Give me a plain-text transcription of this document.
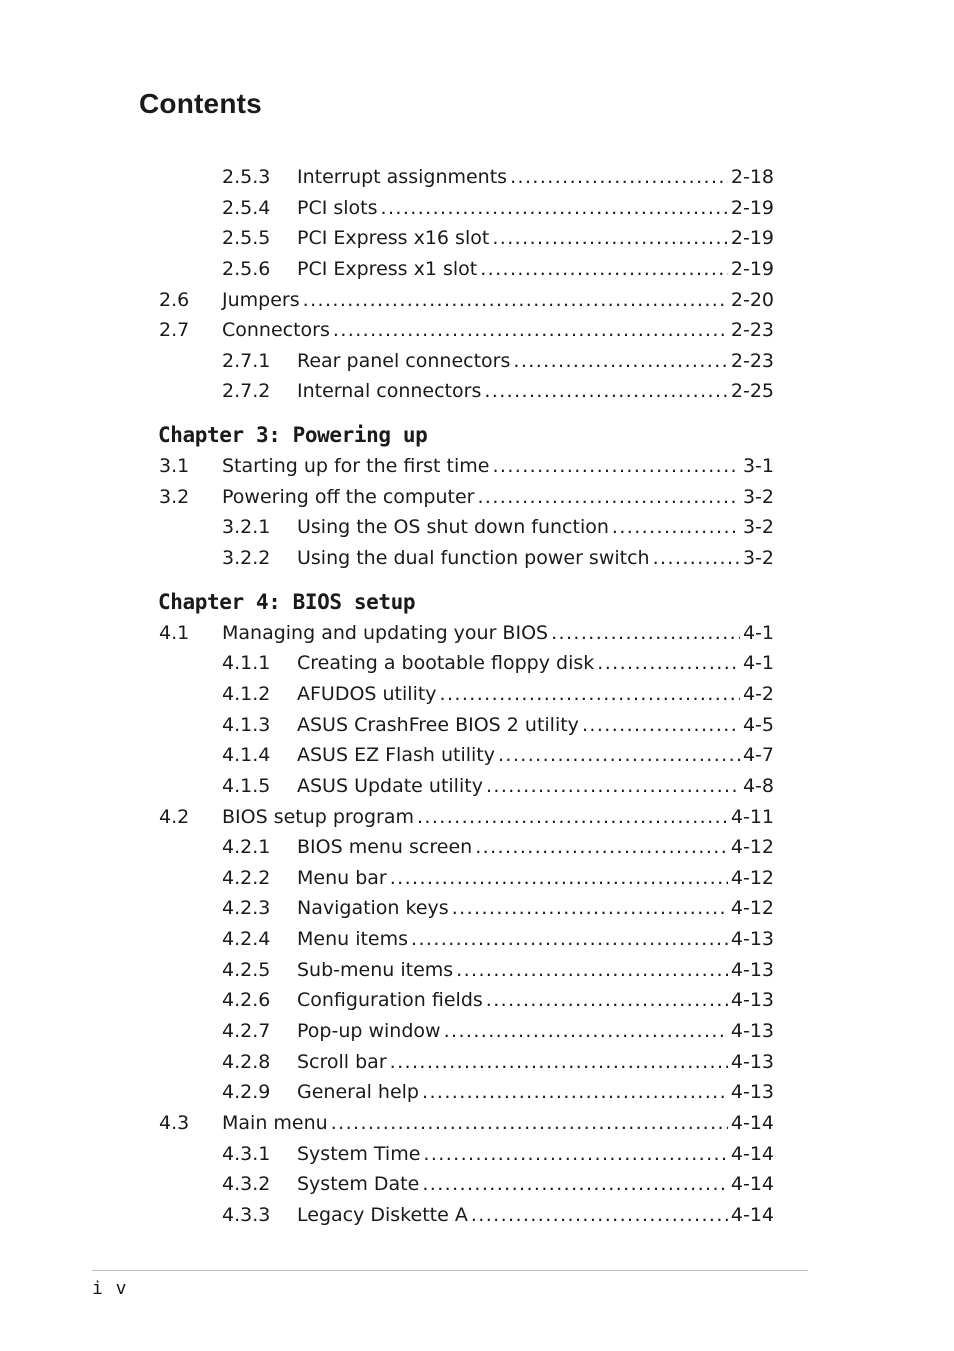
Contents
2.5.3 Interrupt assignments .....	2-18
2.5.4 PCI slots .....	2-19
2.5.5 PCI Express x16 slot .....	2-19
2.5.6 PCI Express x1 slot .....	2-19
2.6 Jumpers .....	2-20
2.7 Connectors .....	2-23
2.7.1 Rear panel connectors .....	2-23
2.7.2 Internal connectors .....	2-25
Chapter 3: Powering up
3.1 Starting up for the first time .....	3-1
3.2 Powering off the computer .....	3-2
3.2.1 Using the OS shut down function .....	3-2
3.2.2 Using the dual function power switch .....	3-2
Chapter 4: BIOS setup
4.1 Managing and updating your BIOS .....	4-1
4.1.1 Creating a bootable floppy disk .....	4-1
4.1.2 AFUDOS utility .....	4-2
4.1.3 ASUS CrashFree BIOS 2 utility .....	4-5
4.1.4 ASUS EZ Flash utility .....	4-7
4.1.5 ASUS Update utility .....	4-8
4.2 BIOS setup program .....	4-11
4.2.1 BIOS menu screen .....	4-12
4.2.2 Menu bar .....	4-12
4.2.3 Navigation keys .....	4-12
4.2.4 Menu items .....	4-13
4.2.5 Sub-menu items .....	4-13
4.2.6 Configuration fields .....	4-13
4.2.7 Pop-up window .....	4-13
4.2.8 Scroll bar .....	4-13
4.2.9 General help .....	4-13
4.3 Main menu .....	4-14
4.3.1 System Time .....	4-14
4.3.2 System Date .....	4-14
4.3.3 Legacy Diskette A .....	4-14
i v
